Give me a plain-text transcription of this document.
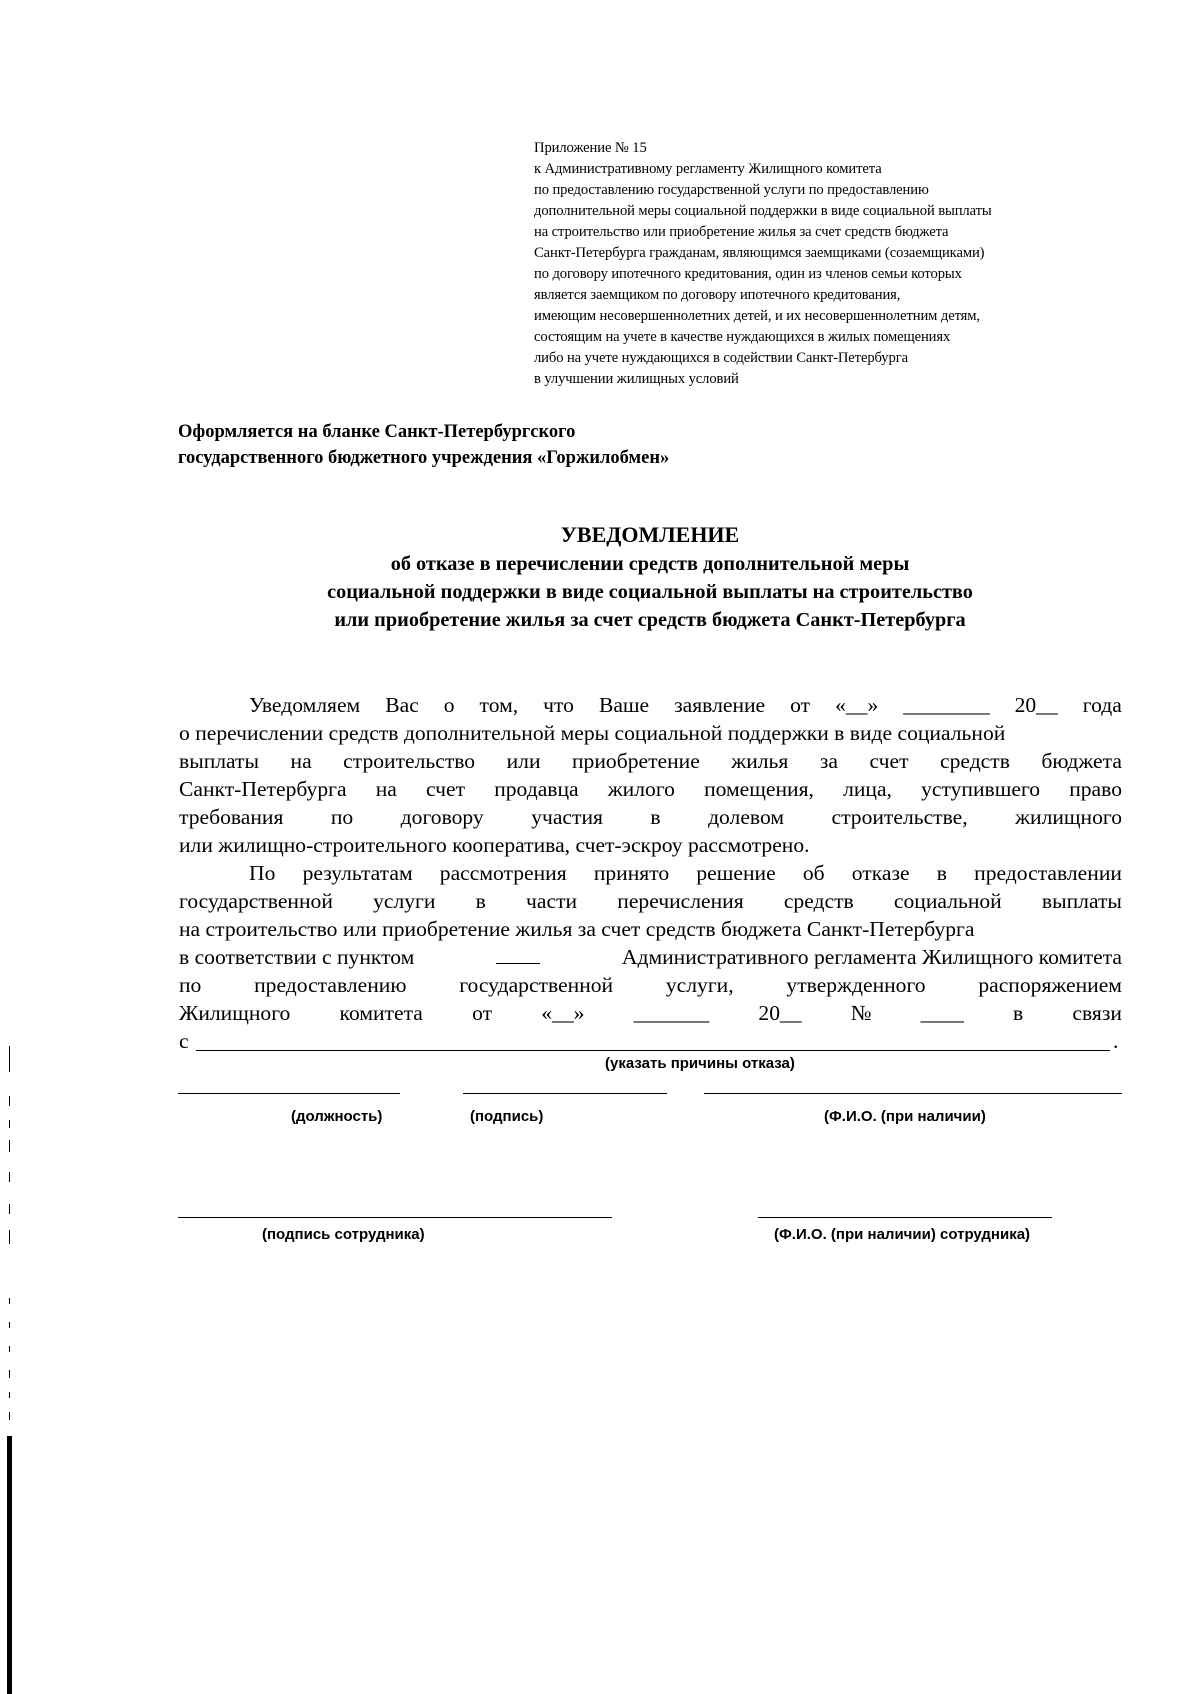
Приложение № 15
к Административному регламенту Жилищного комитета
по предоставлению государственной услуги по предоставлению
дополнительной меры социальной поддержки в виде социальной выплаты
на строительство или приобретение жилья за счет средств бюджета
Санкт-Петербурга гражданам, являющимся заемщиками (созаемщиками)
по договору ипотечного кредитования, один из членов семьи которых
является заемщиком по договору ипотечного кредитования,
имеющим несовершеннолетних детей, и их несовершеннолетним детям,
состоящим на учете в качестве нуждающихся в жилых помещениях
либо на учете нуждающихся в содействии Санкт-Петербурга
в улучшении жилищных условий
Оформляется на бланке Санкт-Петербургского
государственного бюджетного учреждения «Горжилобмен»
УВЕДОМЛЕНИЕ
об отказе в перечислении средств дополнительной меры
социальной поддержки в виде социальной выплаты на строительство
или приобретение жилья за счет средств бюджета Санкт-Петербурга
Уведомляем Вас о том, что Ваше заявление от «__» ________ 20__ года
о перечислении средств дополнительной меры социальной поддержки в виде социальной
выплаты на строительство или приобретение жилья за счет средств бюджета
Санкт-Петербурга на счет продавца жилого помещения, лица, уступившего право
требования по договору участия в долевом строительстве, жилищного
или жилищно-строительного кооператива, счет-эскроу рассмотрено.
По результатам рассмотрения принято решение об отказе в предоставлении
государственной услуги в части перечисления средств социальной выплаты
на строительство или приобретение жилья за счет средств бюджета Санкт-Петербурга
в соответствии с пунктом	Административного регламента Жилищного комитета
по предоставлению государственной услуги, утвержденного распоряжением
Жилищного комитета от «__» _______ 20__ № ____ в связи
с	.
(указать причины отказа)
(должность)	(подпись)	(Ф.И.О. (при наличии)
(подпись сотрудника)	(Ф.И.О. (при наличии) сотрудника)
